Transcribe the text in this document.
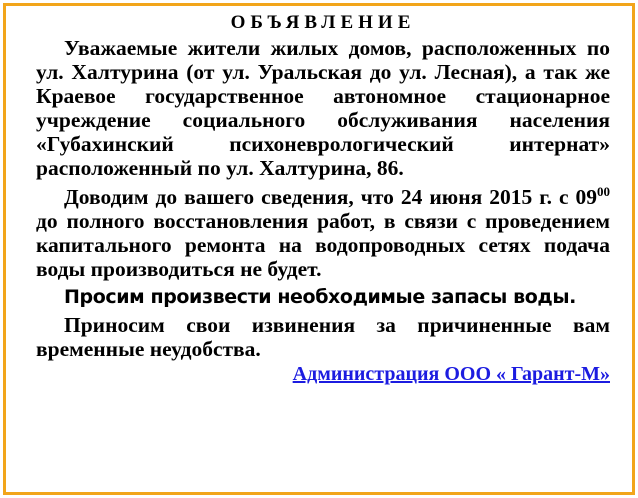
ОБЪЯВЛЕНИЕ

Уважаемые жители жилых домов, расположенных по ул. Халтурина (от ул. Уральская до ул. Лесная), а так же Краевое государственное автономное стационарное учреждение социального обслуживания населения «Губахинский психоневрологический интернат» расположенный по ул. Халтурина, 86.

Доводим до вашего сведения, что 24 июня 2015 г. с $09^{00}$ до полного восстановления работ, в связи с проведением капитального ремонта на водопроводных сетях подача воды производиться не будет.

Просим произвести необходимые запасы воды.

Приносим свои извинения за причиненные вам временные неудобства.

Администрация ООО « Гарант-М»
